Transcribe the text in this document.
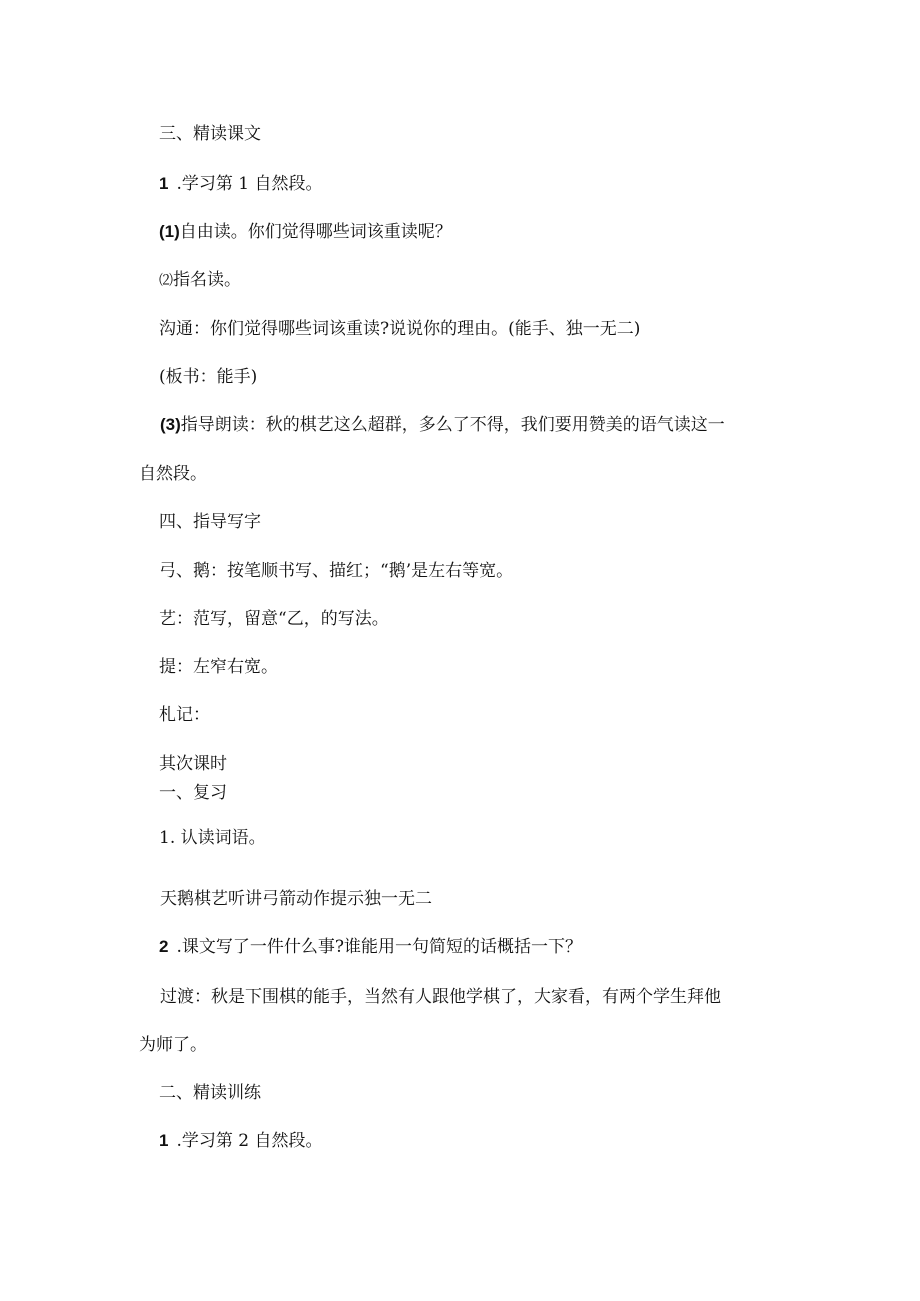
三、精读课文
1 .学习第 1 自然段。
(1)自由读。你们觉得哪些词该重读呢？
⑵指名读。
沟通：你们觉得哪些词该重读?说说你的理由。(能手、独一无二)
(板书：能手)
(3)指导朗读：秋的棋艺这么超群，多么了不得，我们要用赞美的语气读这一
自然段。
四、指导写字
弓、鹅：按笔顺书写、描红；“鹅’是左右等宽。
艺：范写，留意“乙，的写法。
提：左窄右宽。
札记：
其次课时
一、复习
1. 认读词语。
天鹅棋艺听讲弓箭动作提示独一无二
2 .课文写了一件什么事?谁能用一句简短的话概括一下？
过渡：秋是下围棋的能手，当然有人跟他学棋了，大家看，有两个学生拜他
为师了。
二、精读训练
1 .学习第 2 自然段。
